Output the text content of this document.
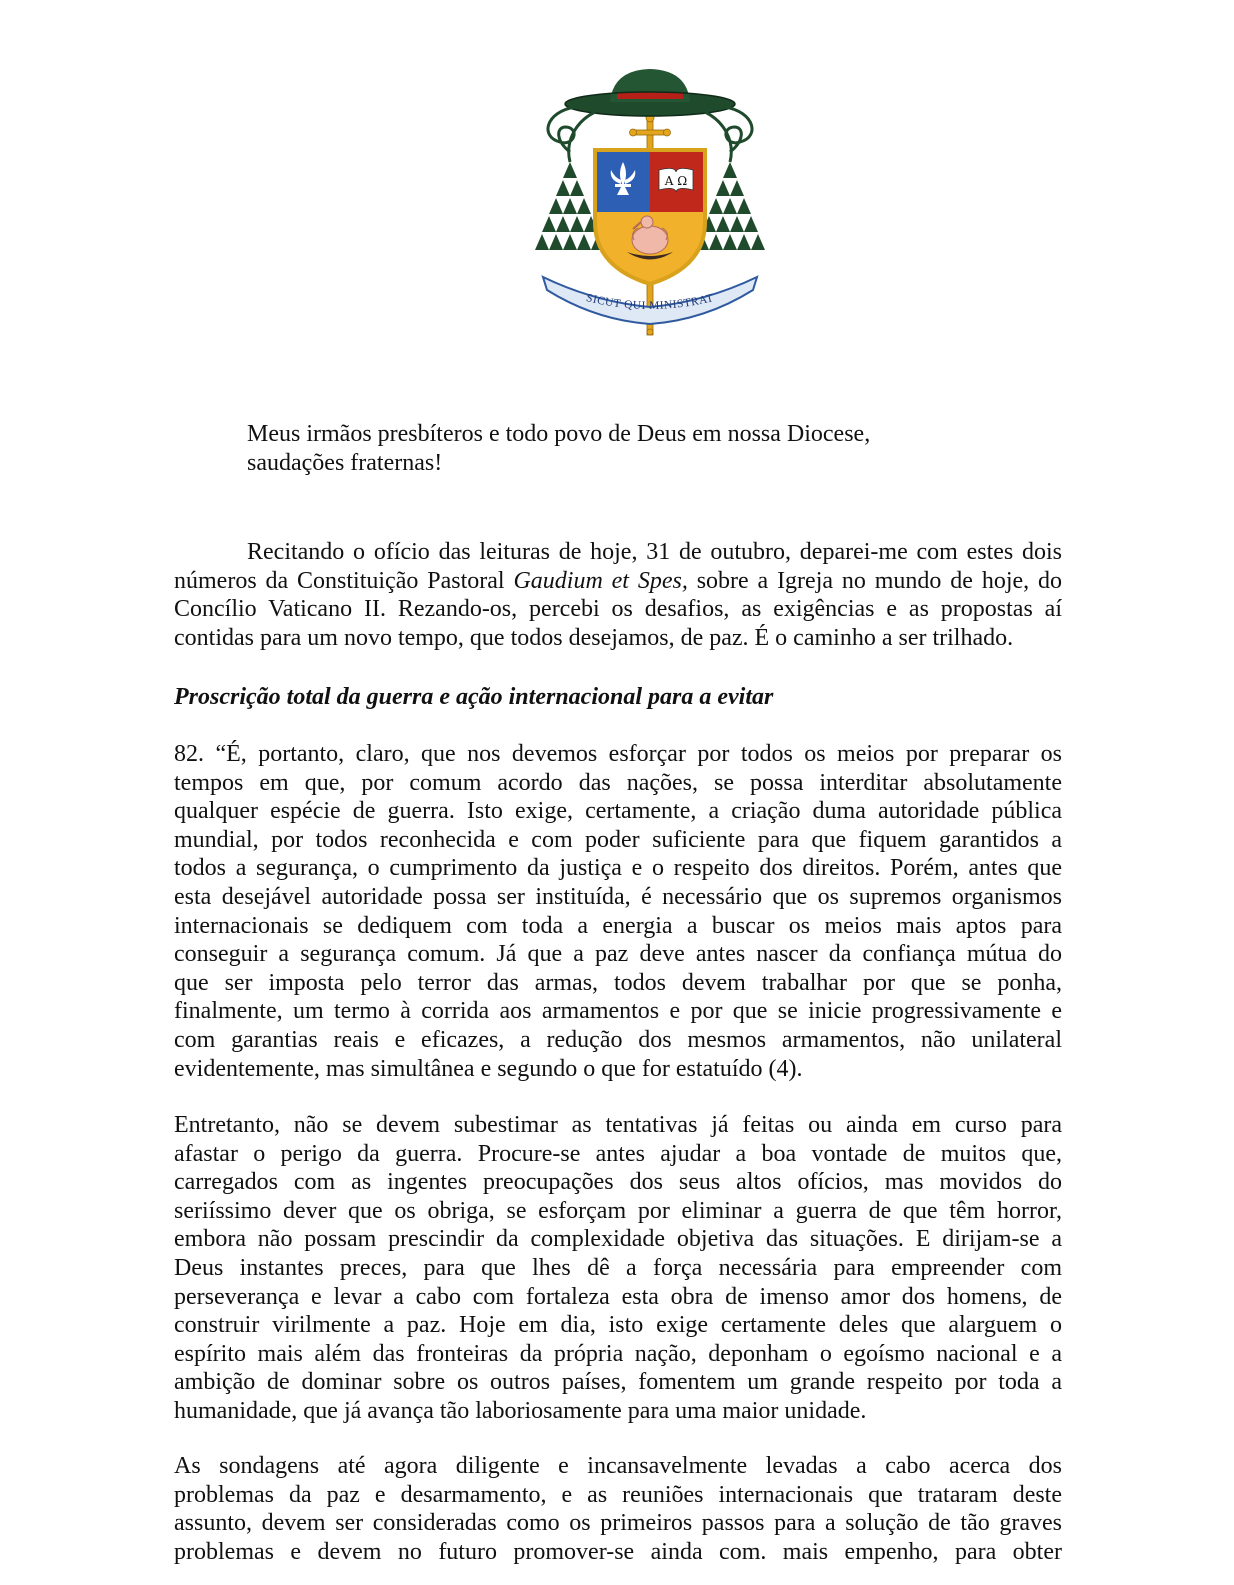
A Ω
SICUT QUI MINISTRAT
Meus irmãos presbíteros e todo povo de Deus em nossa Diocese,
saudações fraternas!
Recitando o ofício das leituras de hoje, 31 de outubro, deparei-me com estes dois
números da Constituição Pastoral Gaudium et Spes, sobre a Igreja no mundo de hoje, do
Concílio Vaticano II. Rezando-os, percebi os desafios, as exigências e as propostas aí
contidas para um novo tempo, que todos desejamos, de paz. É o caminho a ser trilhado.
Proscrição total da guerra e ação internacional para a evitar
82. “É, portanto, claro, que nos devemos esforçar por todos os meios por preparar os
tempos em que, por comum acordo das nações, se possa interditar absolutamente
qualquer espécie de guerra. Isto exige, certamente, a criação duma autoridade pública
mundial, por todos reconhecida e com poder suficiente para que fiquem garantidos a
todos a segurança, o cumprimento da justiça e o respeito dos direitos. Porém, antes que
esta desejável autoridade possa ser instituída, é necessário que os supremos organismos
internacionais se dediquem com toda a energia a buscar os meios mais aptos para
conseguir a segurança comum. Já que a paz deve antes nascer da confiança mútua do
que ser imposta pelo terror das armas, todos devem trabalhar por que se ponha,
finalmente, um termo à corrida aos armamentos e por que se inicie progressivamente e
com garantias reais e eficazes, a redução dos mesmos armamentos, não unilateral
evidentemente, mas simultânea e segundo o que for estatuído (4).
Entretanto, não se devem subestimar as tentativas já feitas ou ainda em curso para
afastar o perigo da guerra. Procure-se antes ajudar a boa vontade de muitos que,
carregados com as ingentes preocupações dos seus altos ofícios, mas movidos do
seriíssimo dever que os obriga, se esforçam por eliminar a guerra de que têm horror,
embora não possam prescindir da complexidade objetiva das situações. E dirijam-se a
Deus instantes preces, para que lhes dê a força necessária para empreender com
perseverança e levar a cabo com fortaleza esta obra de imenso amor dos homens, de
construir virilmente a paz. Hoje em dia, isto exige certamente deles que alarguem o
espírito mais além das fronteiras da própria nação, deponham o egoísmo nacional e a
ambição de dominar sobre os outros países, fomentem um grande respeito por toda a
humanidade, que já avança tão laboriosamente para uma maior unidade.
As sondagens até agora diligente e incansavelmente levadas a cabo acerca dos
problemas da paz e desarmamento, e as reuniões internacionais que trataram deste
assunto, devem ser consideradas como os primeiros passos para a solução de tão graves
problemas e devem no futuro promover-se ainda com. mais empenho, para obter
